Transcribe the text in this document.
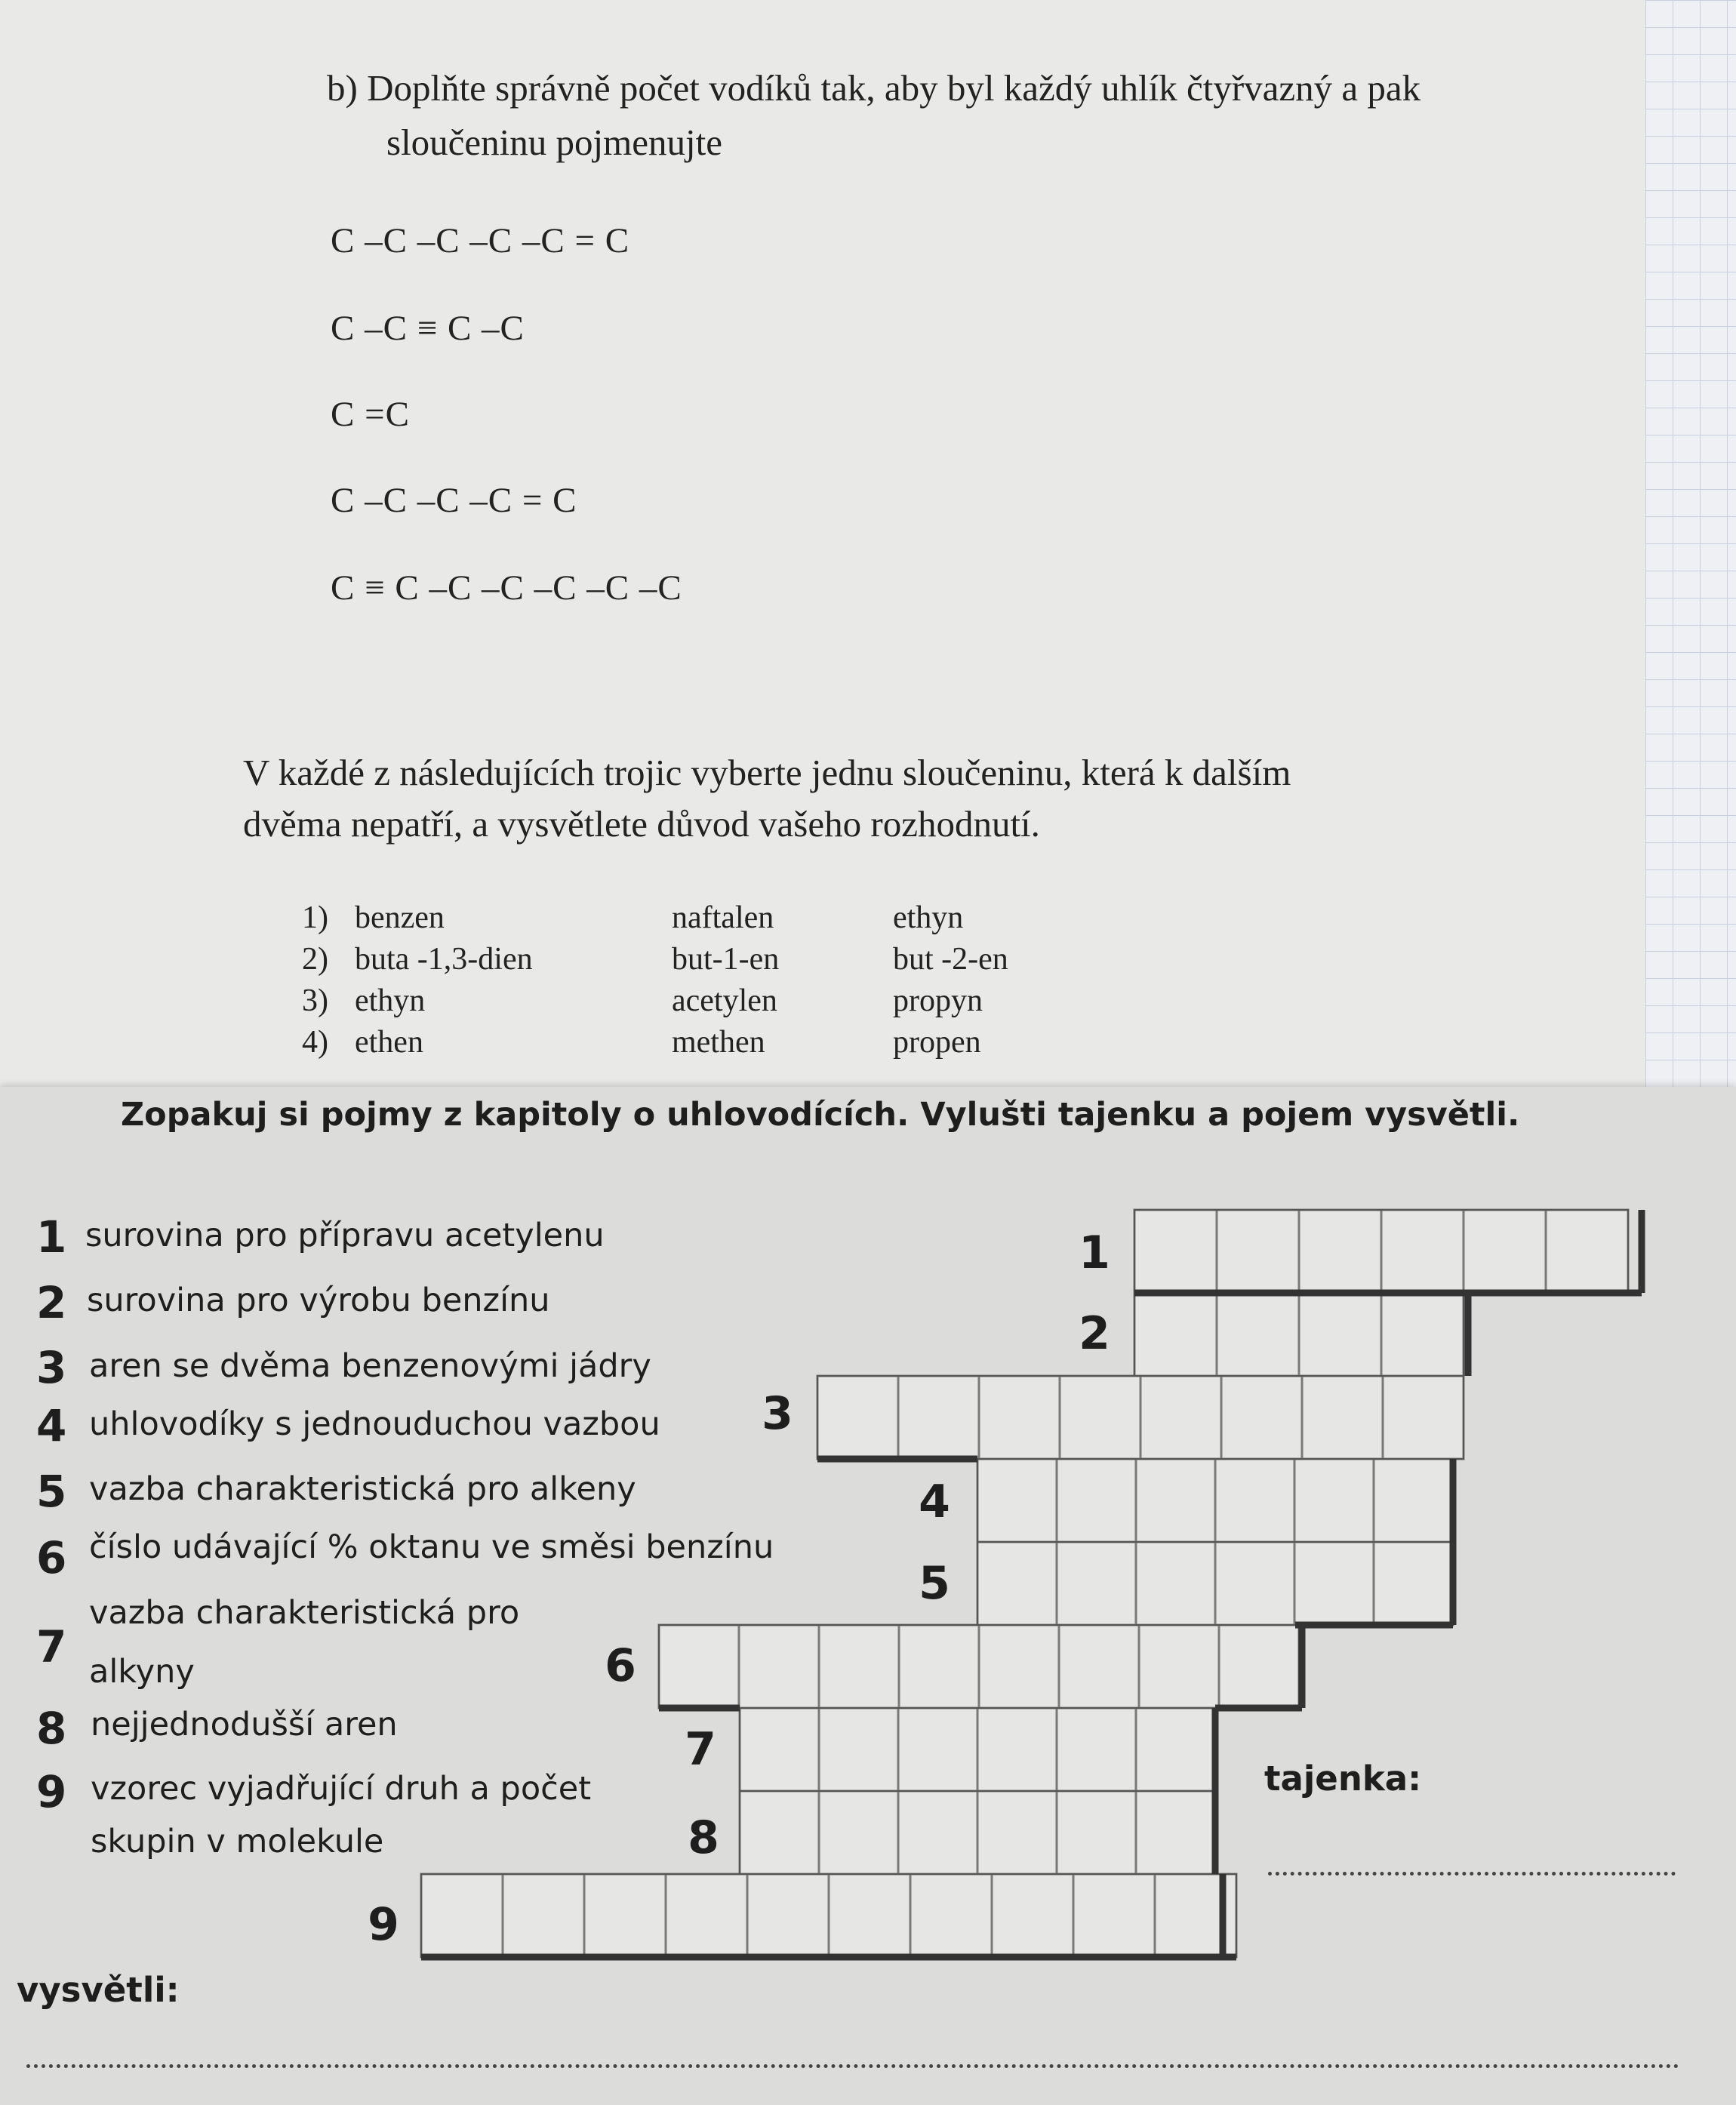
b) Doplňte správně počet vodíků tak, aby byl každý uhlík čtyřvazný a pak
sloučeninu pojmenujte
C –C –C –C –C = C
C –C ≡ C –C
C =C
C –C –C –C = C
C ≡ C –C –C –C –C –C
V každé z následujících trojic vyberte jednu sloučeninu, která k dalším
dvěma nepatří, a vysvětlete důvod vašeho rozhodnutí.
1) benzen	naftalen	ethyn
2) buta -1,3-dien	but-1-en	but -2-en
3) ethyn	acetylen	propyn
4) ethen	methen	propen
Zopakuj si pojmy z kapitoly o uhlovodících. Vylušti tajenku a pojem vysvětli.
1 surovina pro přípravu acetylenu
2 surovina pro výrobu benzínu
3 aren se dvěma benzenovými jádry
4 uhlovodíky s jednouduchou vazbou
5 vazba charakteristická pro alkeny
6 číslo udávající % oktanu ve směsi benzínu
7
vazba charakteristická pro
alkyny
8 nejjednodušší aren
9 vzorec vyjadřující druh a počet
skupin v molekule
1
2
3
4
5
6
7
8
9
tajenka:
vysvětli:
